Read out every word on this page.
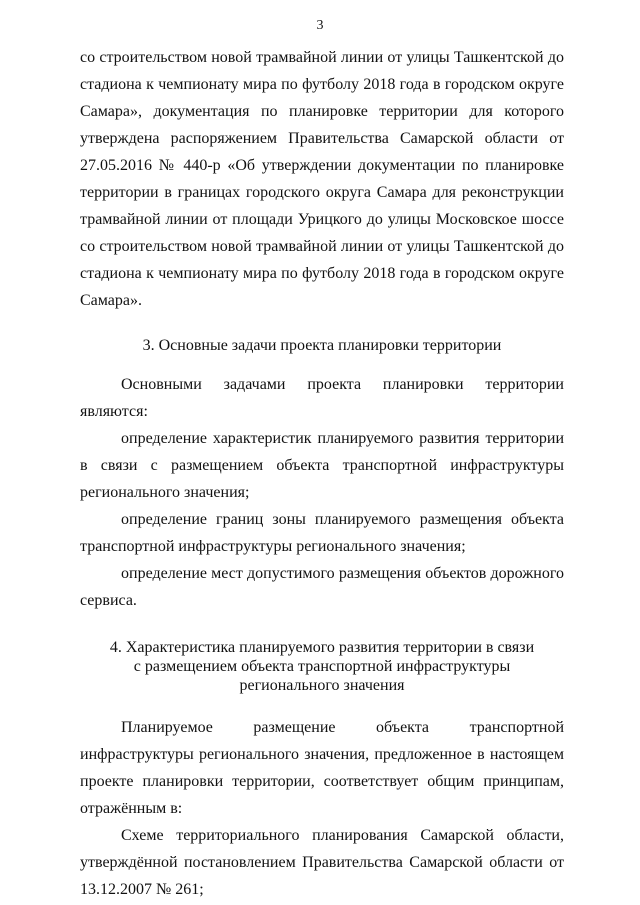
3

со строительством новой трамвайной линии от улицы Ташкентской до стадиона к чемпионату мира по футболу 2018 года в городском округе Самара», документация по планировке территории для которого утверждена распоряжением Правительства Самарской области от 27.05.2016 № 440-р «Об утверждении документации по планировке территории в границах городского округа Самара для реконструкции трамвайной линии от площади Урицкого до улицы Московское шоссе со строительством новой трамвайной линии от улицы Ташкентской до стадиона к чемпионату мира по футболу 2018 года в городском округе Самара».

3. Основные задачи проекта планировки территории

Основными задачами проекта планировки территории являются:

определение характеристик планируемого развития территории в связи с размещением объекта транспортной инфраструктуры регионального значения;

определение границ зоны планируемого размещения объекта транспортной инфраструктуры регионального значения;

определение мест допустимого размещения объектов дорожного сервиса.

4. Характеристика планируемого развития территории в связи

с размещением объекта транспортной инфраструктуры

регионального значения

Планируемое размещение объекта транспортной инфраструктуры регионального значения, предложенное в настоящем проекте планировки территории, соответствует общим принципам, отражённым в:

Схеме территориального планирования Самарской области, утверждённой постановлением Правительства Самарской области от 13.12.2007 № 261;
